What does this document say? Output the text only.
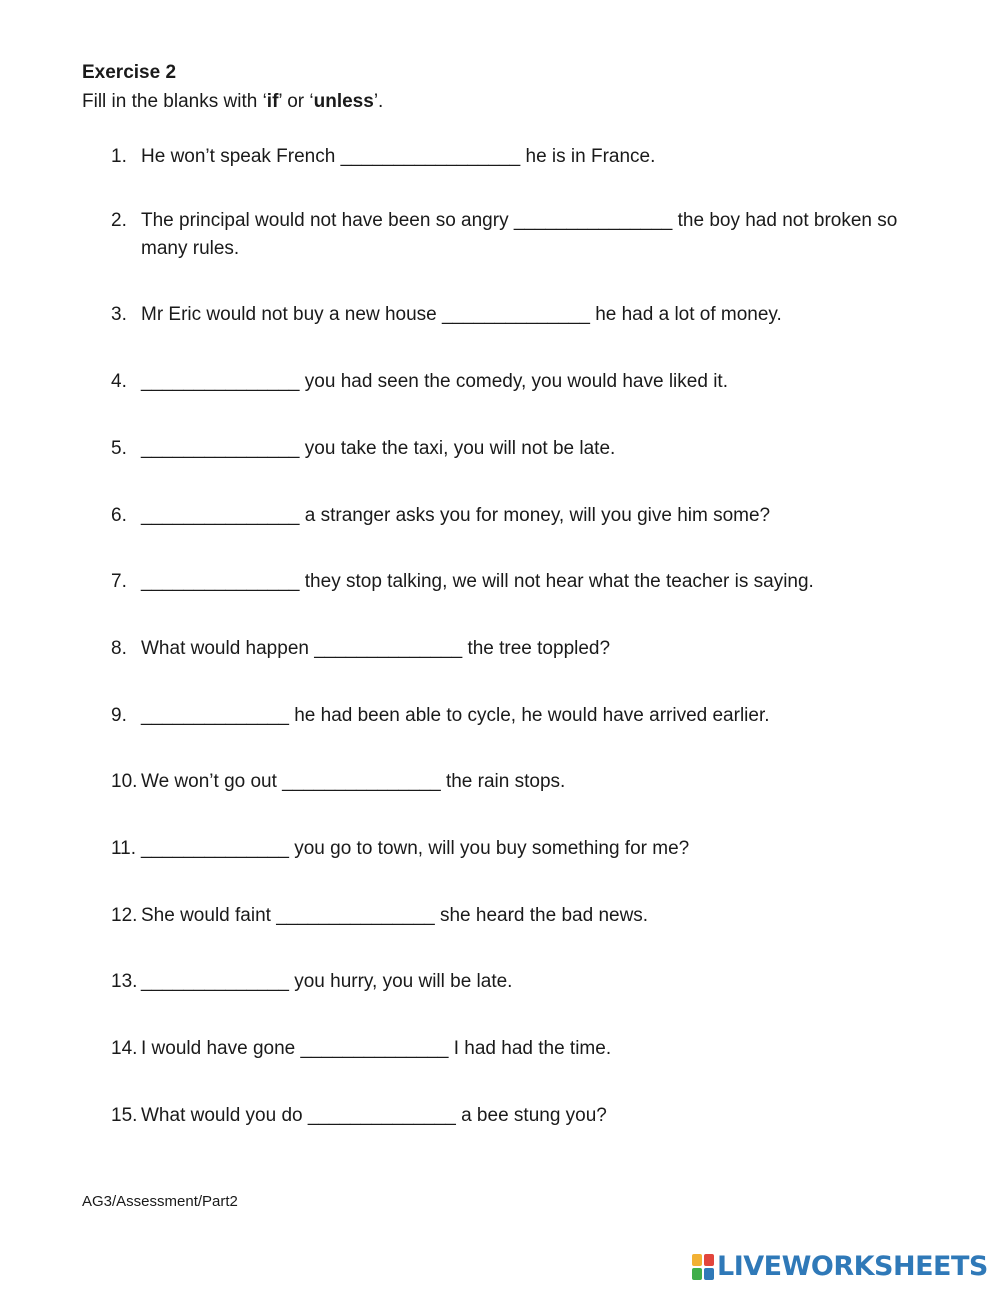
Exercise 2
Fill in the blanks with ‘if’ or ‘unless’.
1. He won’t speak French _________________ he is in France.
2. The principal would not have been so angry _______________ the boy had not broken so many rules.
3. Mr Eric would not buy a new house ______________ he had a lot of money.
4. _______________ you had seen the comedy, you would have liked it.
5. _______________ you take the taxi, you will not be late.
6. _______________ a stranger asks you for money, will you give him some?
7. _______________ they stop talking, we will not hear what the teacher is saying.
8. What would happen ______________ the tree toppled?
9. ______________ he had been able to cycle, he would have arrived earlier.
10. We won’t go out _______________ the rain stops.
11. ______________ you go to town, will you buy something for me?
12. She would faint _______________ she heard the bad news.
13. ______________ you hurry, you will be late.
14. I would have gone ______________ I had had the time.
15. What would you do ______________ a bee stung you?
AG3/Assessment/Part2
LIVEWORKSHEETS
